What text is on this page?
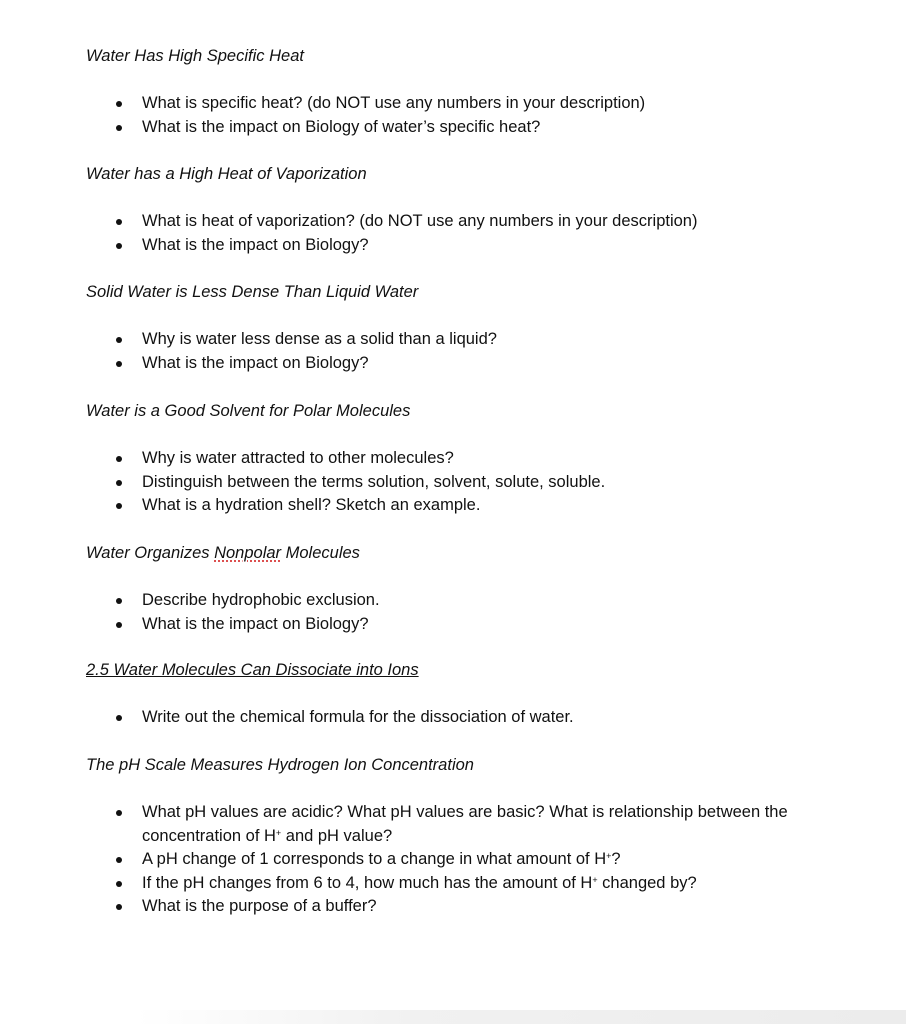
Water Has High Specific Heat
What is specific heat? (do NOT use any numbers in your description)
What is the impact on Biology of water’s specific heat?
Water has a High Heat of Vaporization
What is heat of vaporization? (do NOT use any numbers in your description)
What is the impact on Biology?
Solid Water is Less Dense Than Liquid Water
Why is water less dense as a solid than a liquid?
What is the impact on Biology?
Water is a Good Solvent for Polar Molecules
Why is water attracted to other molecules?
Distinguish between the terms solution, solvent, solute, soluble.
What is a hydration shell? Sketch an example.
Water Organizes Nonpolar Molecules
Describe hydrophobic exclusion.
What is the impact on Biology?
2.5 Water Molecules Can Dissociate into Ions
Write out the chemical formula for the dissociation of water.
The pH Scale Measures Hydrogen Ion Concentration
What pH values are acidic? What pH values are basic? What is relationship between the concentration of H+ and pH value?
A pH change of 1 corresponds to a change in what amount of H+?
If the pH changes from 6 to 4, how much has the amount of H+ changed by?
What is the purpose of a buffer?
